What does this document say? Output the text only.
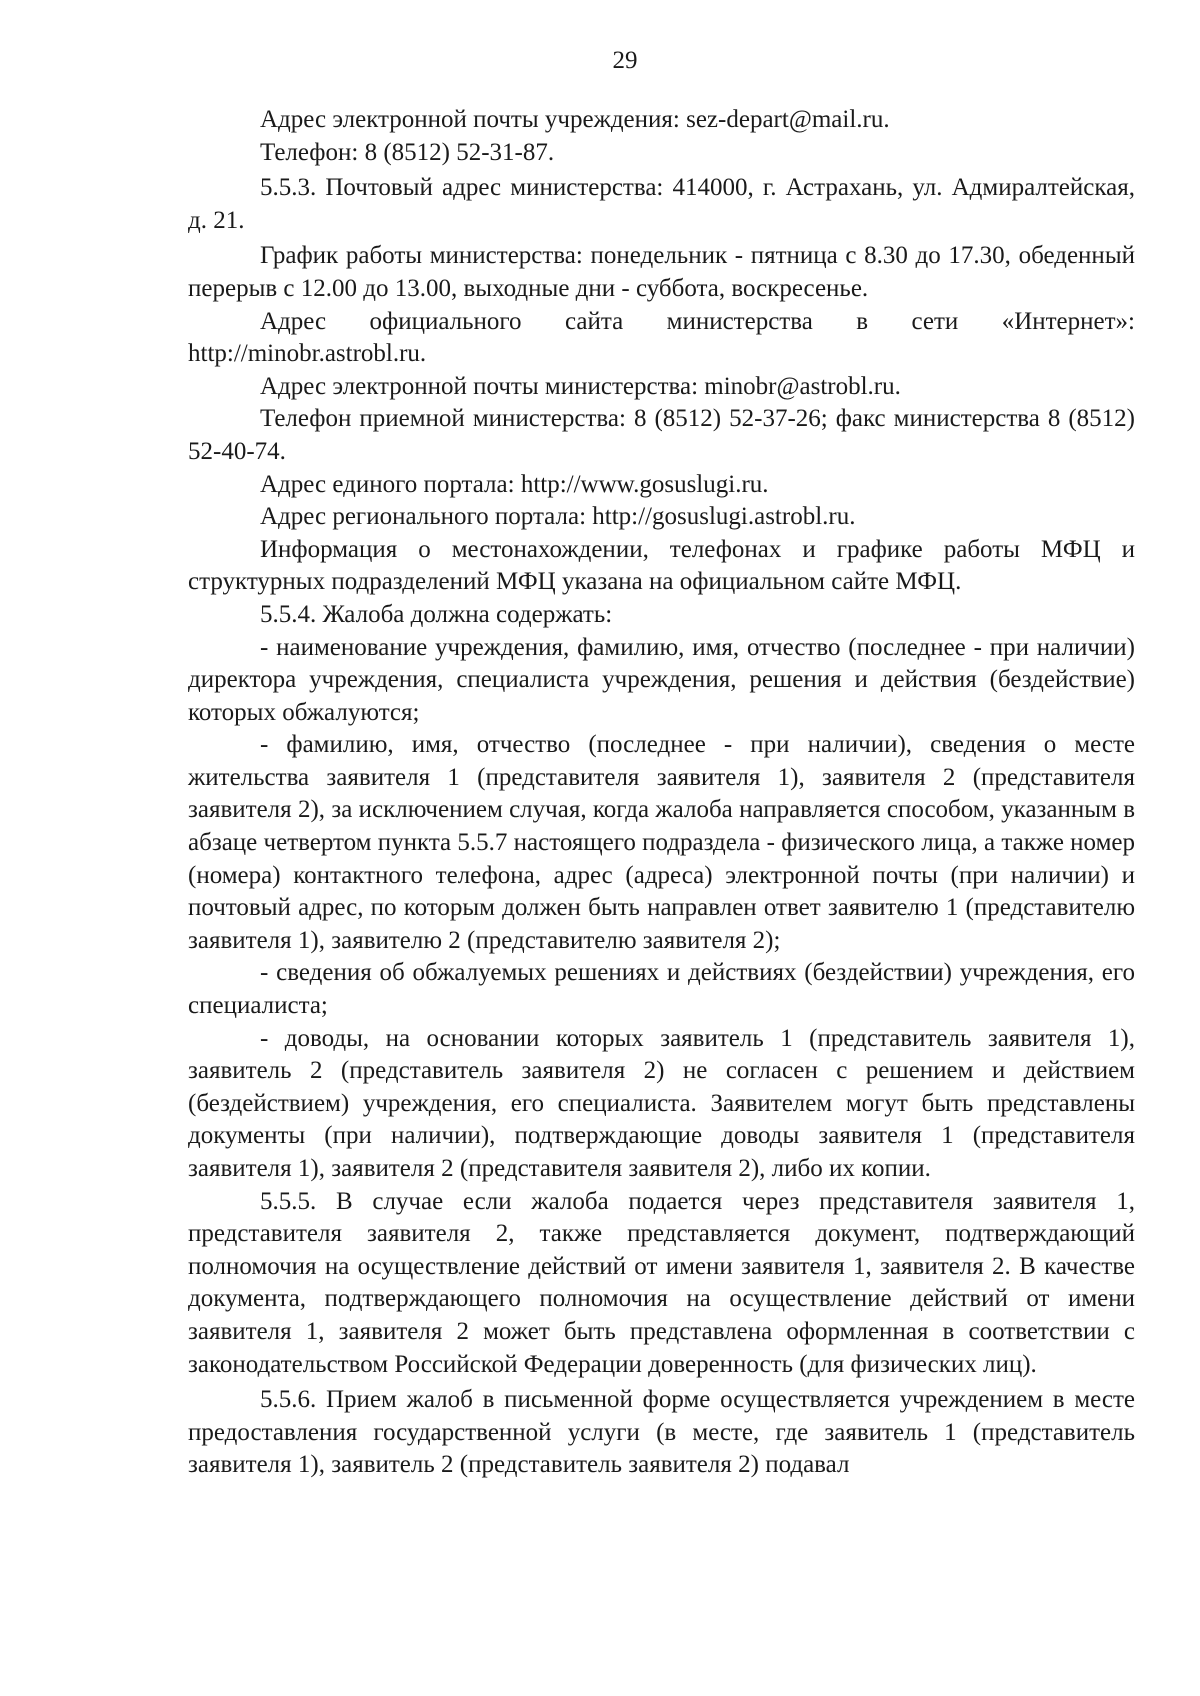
29

Адрес электронной почты учреждения: sez-depart@mail.ru.

Телефон: 8 (8512) 52-31-87.

5.5.3. Почтовый адрес министерства: 414000, г. Астрахань, ул. Адмиралтейская, д. 21.

График работы министерства: понедельник - пятница с 8.30 до 17.30, обеденный перерыв с 12.00 до 13.00, выходные дни - суббота, воскресенье.

Адрес официального сайта министерства в сети «Интернет»: http://minobr.astrobl.ru.

Адрес электронной почты министерства: minobr@astrobl.ru.

Телефон приемной министерства: 8 (8512) 52-37-26; факс министерства 8 (8512) 52-40-74.

Адрес единого портала: http://www.gosuslugi.ru.

Адрес регионального портала: http://gosuslugi.astrobl.ru.

Информация о местонахождении, телефонах и графике работы МФЦ и структурных подразделений МФЦ указана на официальном сайте МФЦ.

5.5.4. Жалоба должна содержать:

- наименование учреждения, фамилию, имя, отчество (последнее - при наличии) директора учреждения, специалиста учреждения, решения и действия (бездействие) которых обжалуются;

- фамилию, имя, отчество (последнее - при наличии), сведения о месте жительства заявителя 1 (представителя заявителя 1), заявителя 2 (представителя заявителя 2), за исключением случая, когда жалоба направляется способом, указанным в абзаце четвертом пункта 5.5.7 настоящего подраздела - физического лица, а также номер (номера) контактного телефона, адрес (адреса) электронной почты (при наличии) и почтовый адрес, по которым должен быть направлен ответ заявителю 1 (представителю заявителя 1), заявителю 2 (представителю заявителя 2);

- сведения об обжалуемых решениях и действиях (бездействии) учреждения, его специалиста;

- доводы, на основании которых заявитель 1 (представитель заявителя 1), заявитель 2 (представитель заявителя 2) не согласен с решением и действием (бездействием) учреждения, его специалиста. Заявителем могут быть представлены документы (при наличии), подтверждающие доводы заявителя 1 (представителя заявителя 1), заявителя 2 (представителя заявителя 2), либо их копии.

5.5.5. В случае если жалоба подается через представителя заявителя 1, представителя заявителя 2, также представляется документ, подтверждающий полномочия на осуществление действий от имени заявителя 1, заявителя 2. В качестве документа, подтверждающего полномочия на осуществление действий от имени заявителя 1, заявителя 2 может быть представлена оформленная в соответствии с законодательством Российской Федерации доверенность (для физических лиц).

5.5.6. Прием жалоб в письменной форме осуществляется учреждением в месте предоставления государственной услуги (в месте, где заявитель 1 (представитель заявителя 1), заявитель 2 (представитель заявителя 2) подавал
